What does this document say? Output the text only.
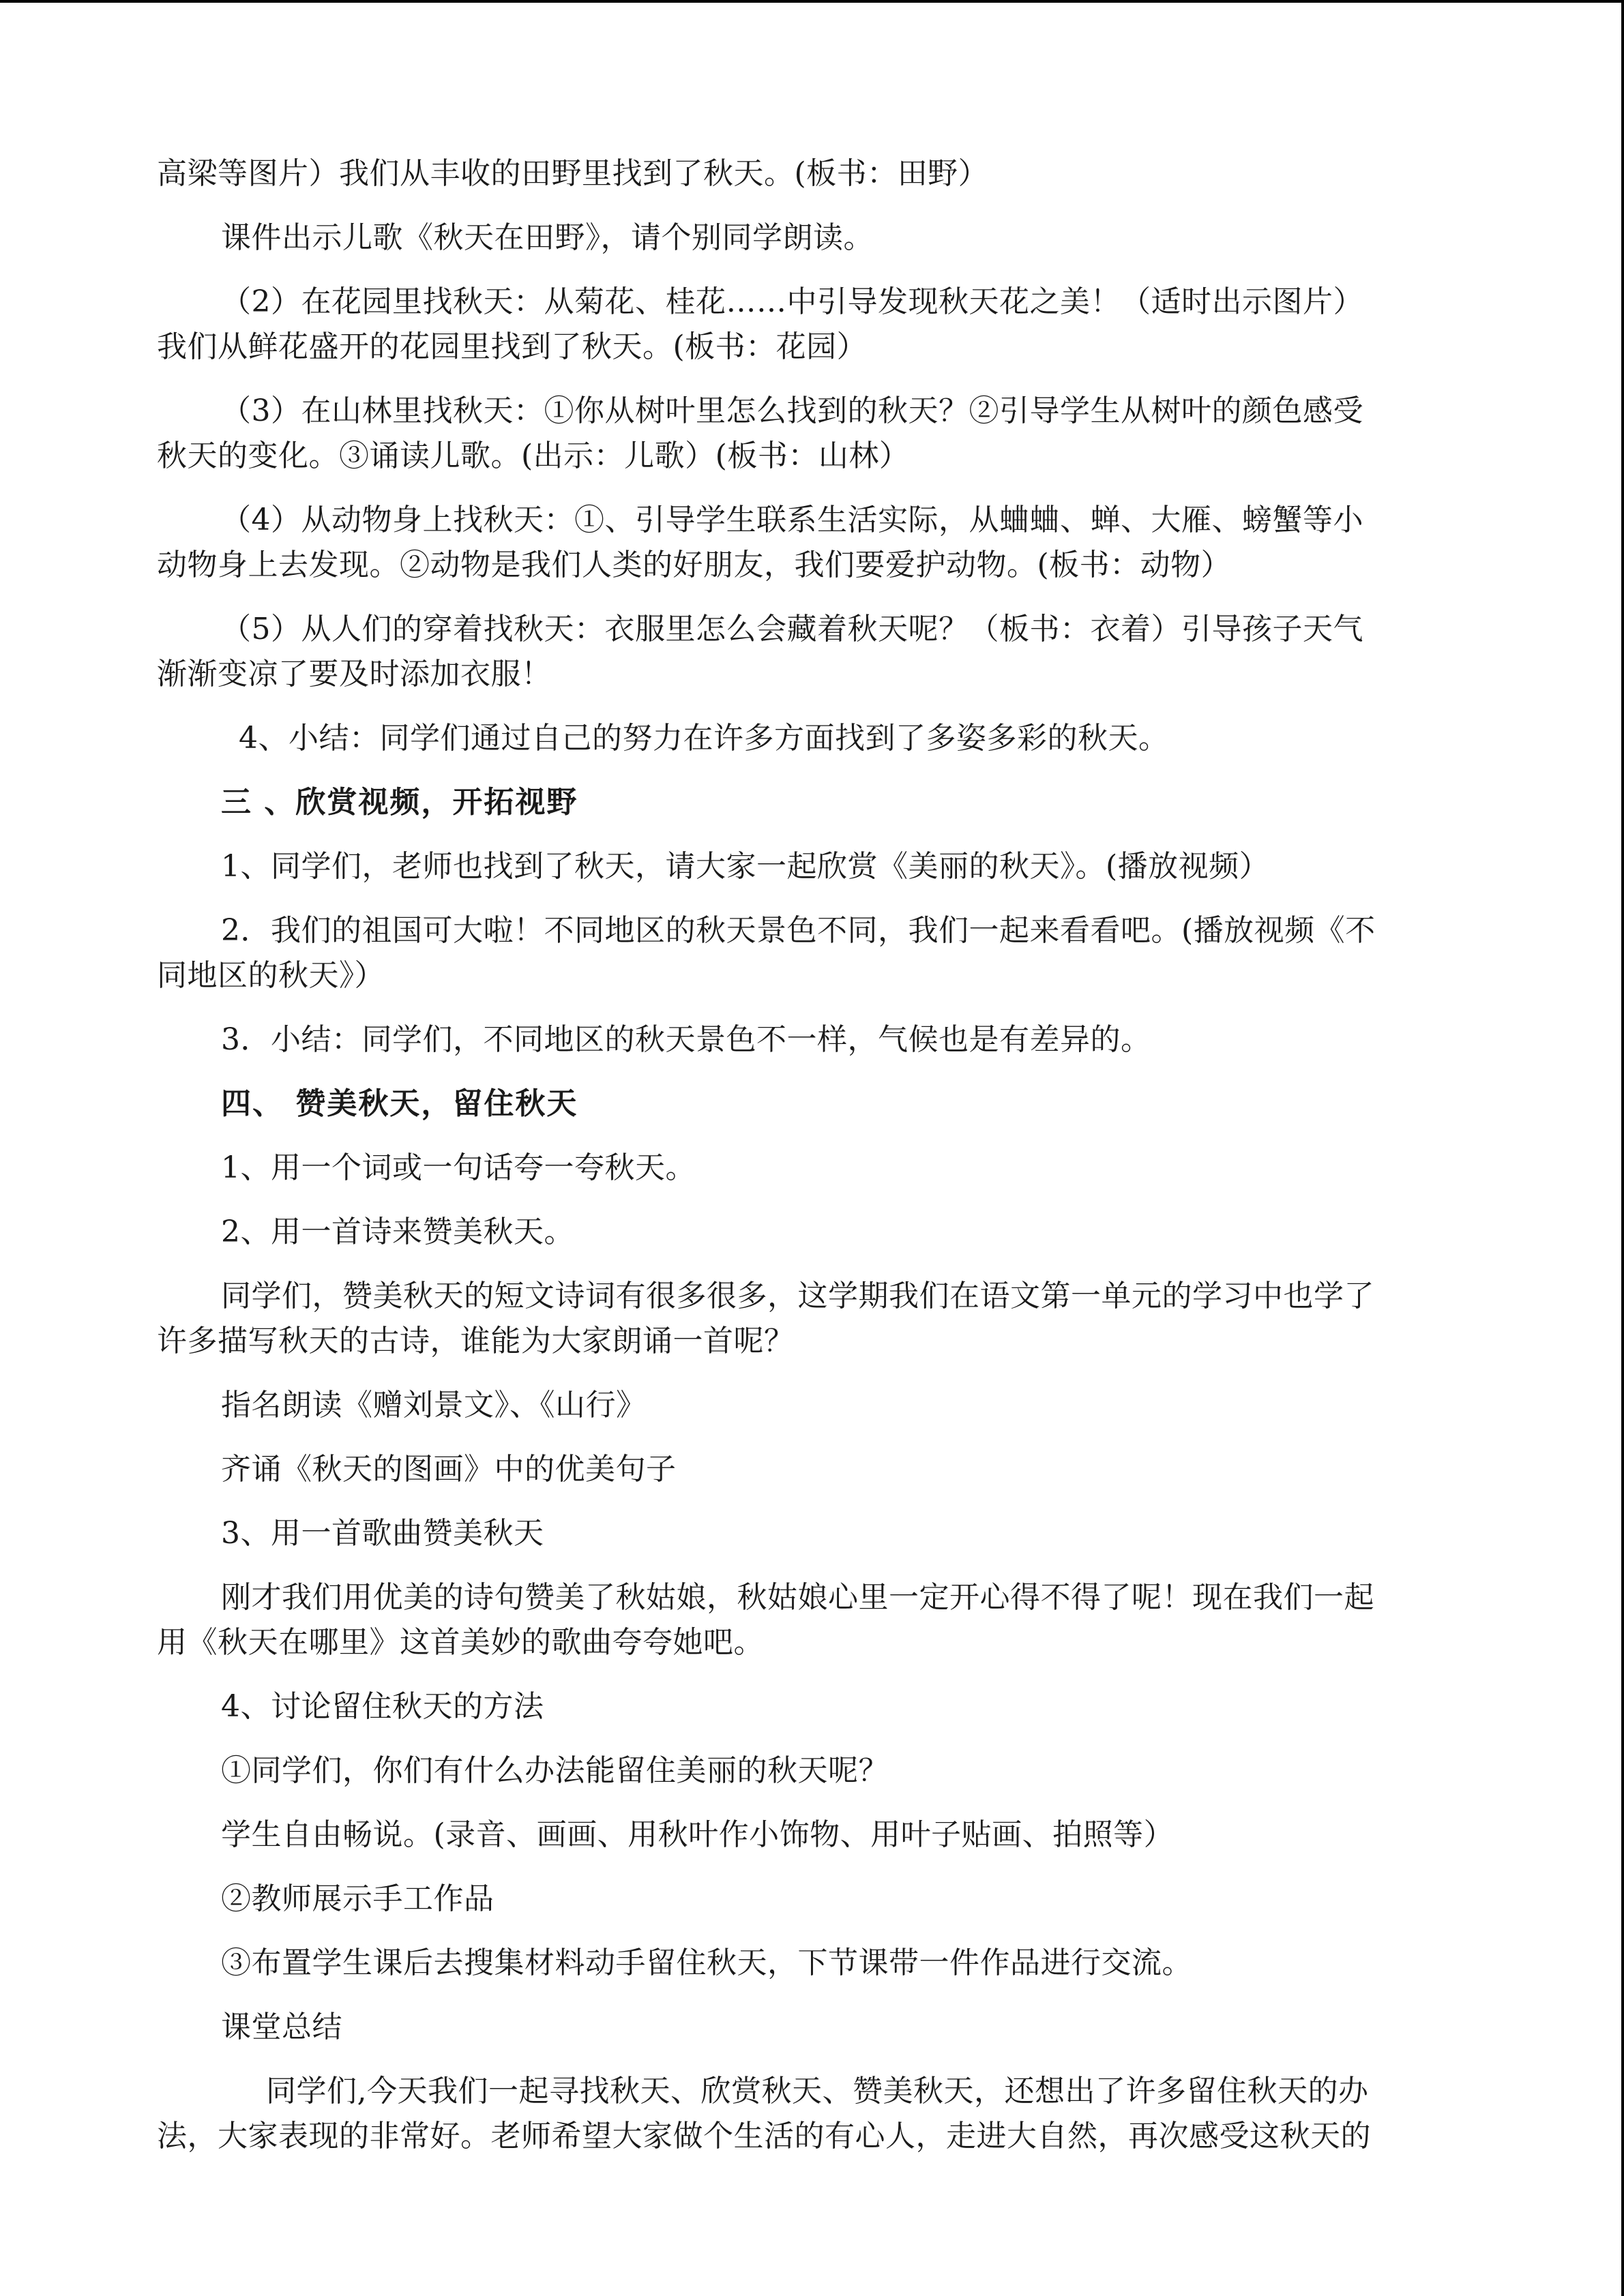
高梁等图片）我们从丰收的田野里找到了秋天。(板书：田野）
课件出示儿歌《秋天在田野》，请个别同学朗读。
（2）在花园里找秋天：从菊花、桂花……中引导发现秋天花之美！（适时出示图片）
我们从鲜花盛开的花园里找到了秋天。(板书：花园）
（3）在山林里找秋天：①你从树叶里怎么找到的秋天？②引导学生从树叶的颜色感受
秋天的变化。③诵读儿歌。(出示：儿歌）(板书：山林）
（4）从动物身上找秋天：①、引导学生联系生活实际，从蛐蛐、蝉、大雁、螃蟹等小
动物身上去发现。②动物是我们人类的好朋友，我们要爱护动物。(板书：动物）
（5）从人们的穿着找秋天：衣服里怎么会藏着秋天呢？（板书：衣着）引导孩子天气
渐渐变凉了要及时添加衣服！
4、小结：同学们通过自己的努力在许多方面找到了多姿多彩的秋天。
三 、欣赏视频，开拓视野
1、同学们，老师也找到了秋天，请大家一起欣赏《美丽的秋天》。(播放视频）
2．我们的祖国可大啦！不同地区的秋天景色不同，我们一起来看看吧。(播放视频《不
同地区的秋天》）
3．小结：同学们，不同地区的秋天景色不一样，气候也是有差异的。
四、 赞美秋天，留住秋天
1、用一个词或一句话夸一夸秋天。
2、用一首诗来赞美秋天。
同学们，赞美秋天的短文诗词有很多很多，这学期我们在语文第一单元的学习中也学了
许多描写秋天的古诗，谁能为大家朗诵一首呢？
指名朗读《赠刘景文》、《山行》
齐诵《秋天的图画》中的优美句子
3、用一首歌曲赞美秋天
刚才我们用优美的诗句赞美了秋姑娘，秋姑娘心里一定开心得不得了呢！现在我们一起
用《秋天在哪里》这首美妙的歌曲夸夸她吧。
4、讨论留住秋天的方法
①同学们，你们有什么办法能留住美丽的秋天呢？
学生自由畅说。(录音、画画、用秋叶作小饰物、用叶子贴画、拍照等）
②教师展示手工作品
③布置学生课后去搜集材料动手留住秋天，下节课带一件作品进行交流。
课堂总结
同学们,今天我们一起寻找秋天、欣赏秋天、赞美秋天，还想出了许多留住秋天的办
法，大家表现的非常好。老师希望大家做个生活的有心人，走进大自然，再次感受这秋天的
